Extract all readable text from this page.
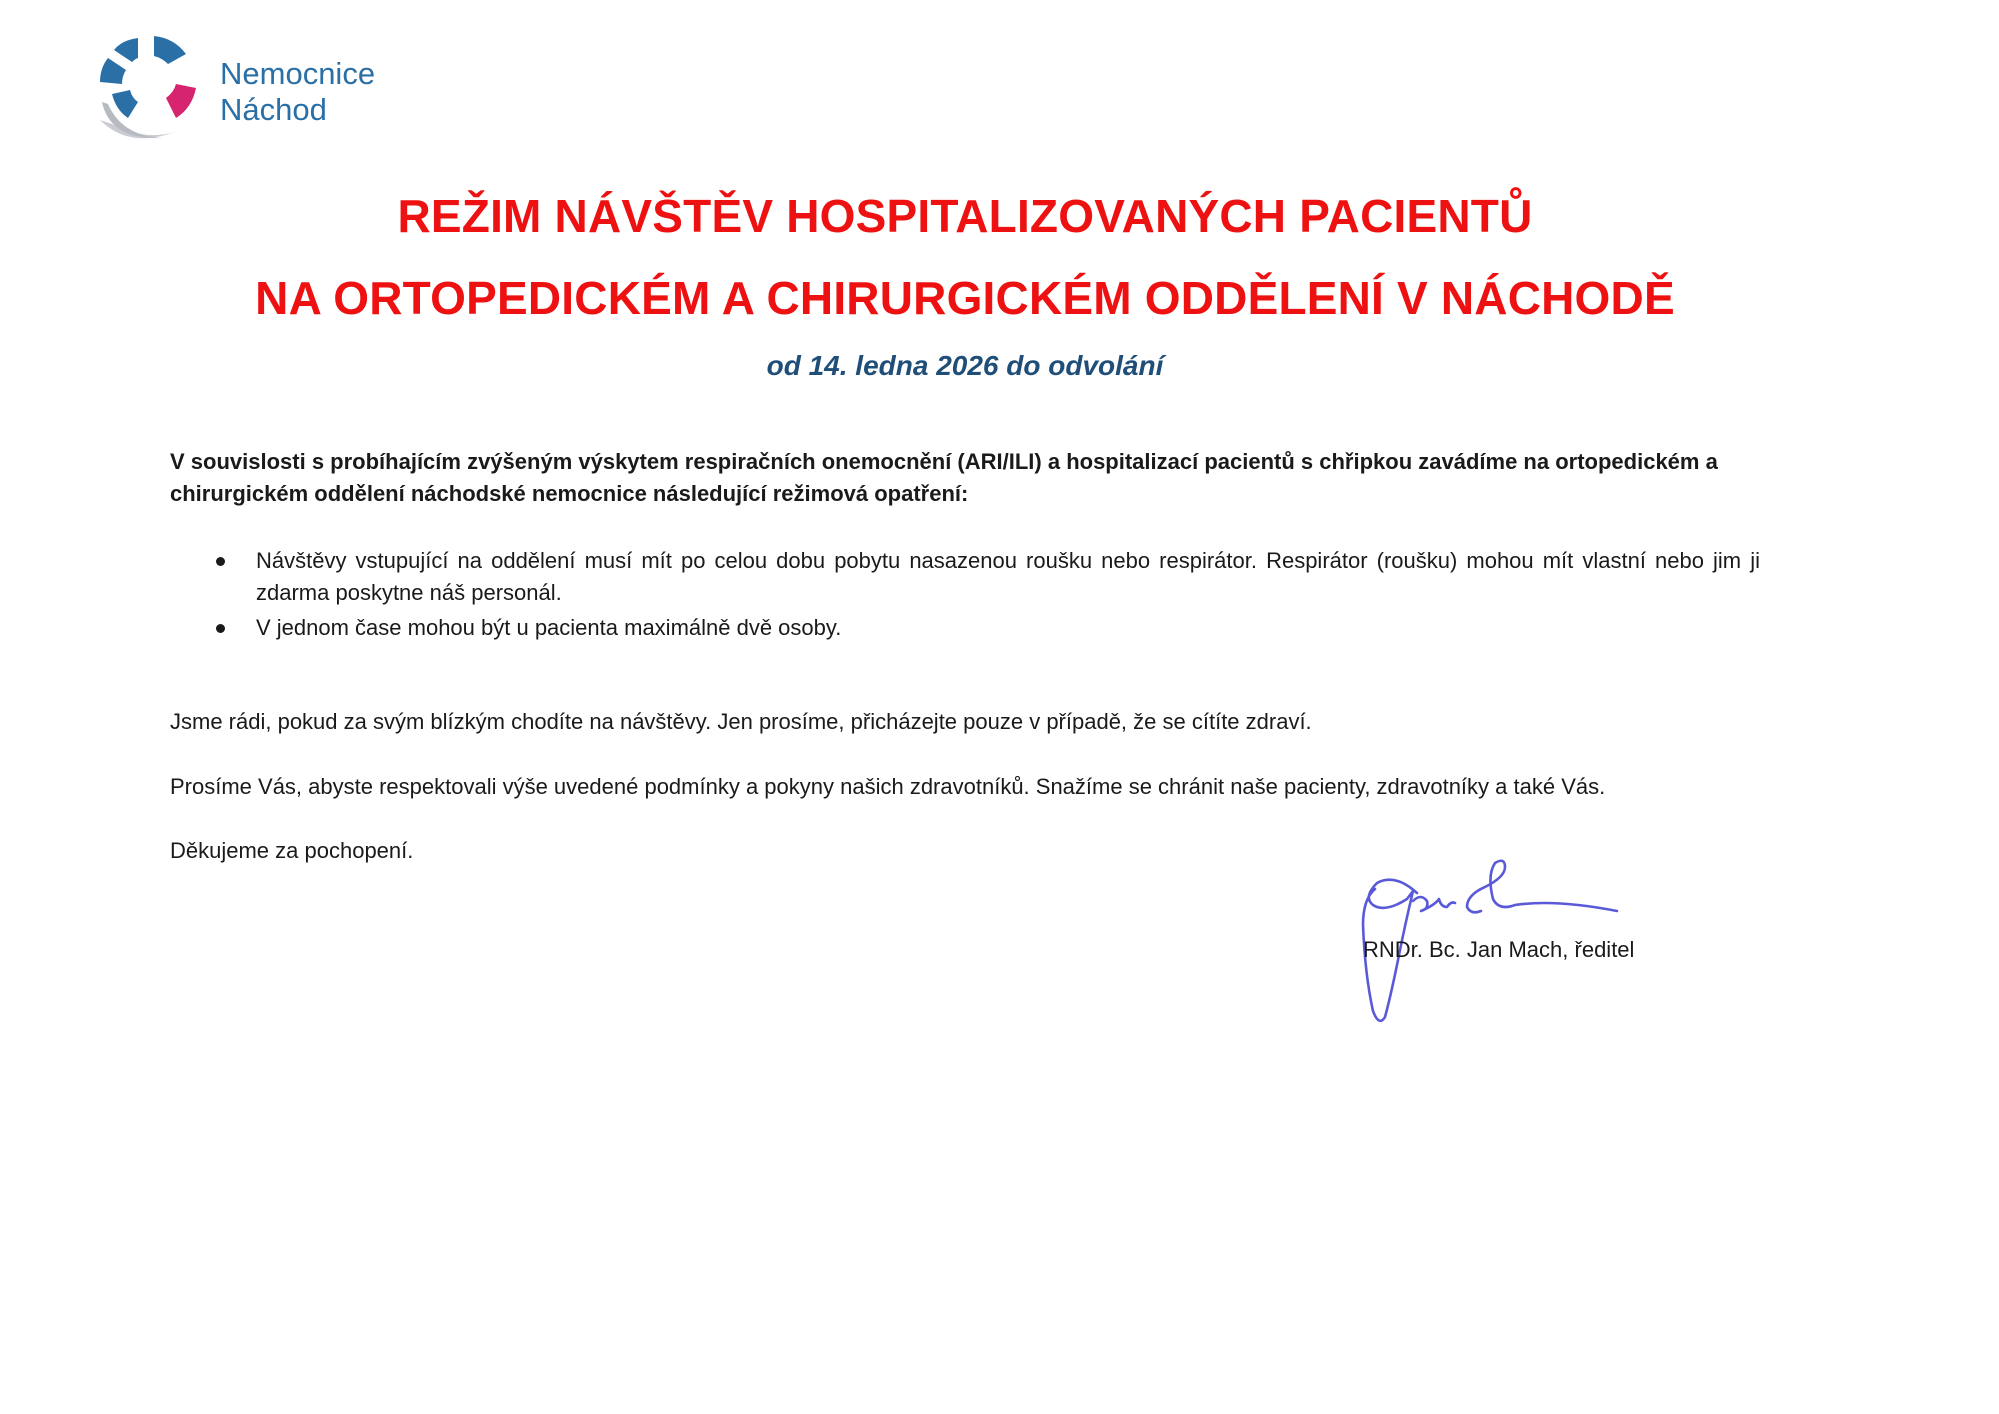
Nemocnice
Náchod
REŽIM NÁVŠTĚV HOSPITALIZOVANÝCH PACIENTŮ
NA ORTOPEDICKÉM A CHIRURGICKÉM ODDĚLENÍ V NÁCHODĚ
od 14. ledna 2026 do odvolání
V souvislosti s probíhajícím zvýšeným výskytem respiračních onemocnění (ARI/ILI) a hospitalizací pacientů s chřipkou zavádíme na ortopedickém a chirurgickém oddělení náchodské nemocnice následující režimová opatření:
Návštěvy vstupující na oddělení musí mít po celou dobu pobytu nasazenou roušku nebo respirátor. Respirátor (roušku) mohou mít vlastní nebo jim ji zdarma poskytne náš personál.
V jednom čase mohou být u pacienta maximálně dvě osoby.
Jsme rádi, pokud za svým blízkým chodíte na návštěvy. Jen prosíme, přicházejte pouze v případě, že se cítíte zdraví.
Prosíme Vás, abyste respektovali výše uvedené podmínky a pokyny našich zdravotníků. Snažíme se chránit naše pacienty, zdravotníky a také Vás.
Děkujeme za pochopení.
RNDr. Bc. Jan Mach, ředitel
